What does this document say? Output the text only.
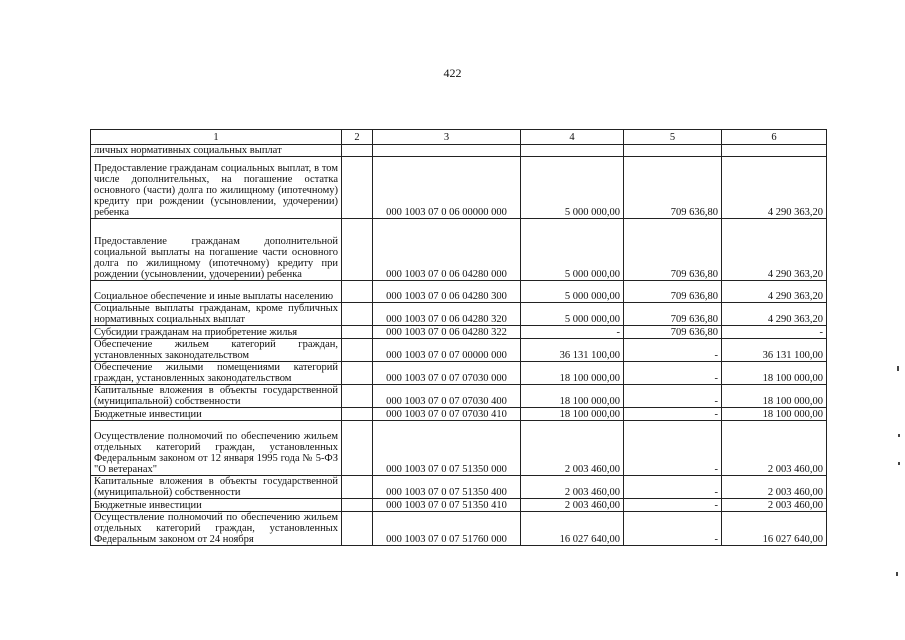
422
1	2	3	4	5	6
личных нормативных социальных выплат					
Предоставление гражданам социальных выплат, в том числе дополнительных, на погашение остатка основного (части) долга по жилищному (ипотечному) кредиту при рождении (усыновлении, удочерении) ребенка		000 1003 07 0 06 00000 000	5 000 000,00	709 636,80	4 290 363,20
Предоставление гражданам дополнительной социальной выплаты на погашение части основного долга по жилищному (ипотечному) кредиту при рождении (усыновлении, удочерении) ребенка		000 1003 07 0 06 04280 000	5 000 000,00	709 636,80	4 290 363,20
Социальное обеспечение и иные выплаты населению		000 1003 07 0 06 04280 300	5 000 000,00	709 636,80	4 290 363,20
Социальные выплаты гражданам, кроме публичных нормативных социальных выплат		000 1003 07 0 06 04280 320	5 000 000,00	709 636,80	4 290 363,20
Субсидии гражданам на приобретение жилья		000 1003 07 0 06 04280 322	-	709 636,80	-
Обеспечение жильем категорий граждан, установленных законодательством		000 1003 07 0 07 00000 000	36 131 100,00	-	36 131 100,00
Обеспечение жилыми помещениями категорий граждан, установленных законодательством		000 1003 07 0 07 07030 000	18 100 000,00	-	18 100 000,00
Капитальные вложения в объекты государственной (муниципальной) собственности		000 1003 07 0 07 07030 400	18 100 000,00	-	18 100 000,00
Бюджетные инвестиции		000 1003 07 0 07 07030 410	18 100 000,00	-	18 100 000,00
Осуществление полномочий по обеспечению жильем отдельных категорий граждан, установленных Федеральным законом от 12 января 1995 года № 5-ФЗ "О ветеранах"		000 1003 07 0 07 51350 000	2 003 460,00	-	2 003 460,00
Капитальные вложения в объекты государственной (муниципальной) собственности		000 1003 07 0 07 51350 400	2 003 460,00	-	2 003 460,00
Бюджетные инвестиции		000 1003 07 0 07 51350 410	2 003 460,00	-	2 003 460,00
Осуществление полномочий по обеспечению жильем отдельных категорий граждан, установленных Федеральным законом от 24 ноября		000 1003 07 0 07 51760 000	16 027 640,00	-	16 027 640,00
